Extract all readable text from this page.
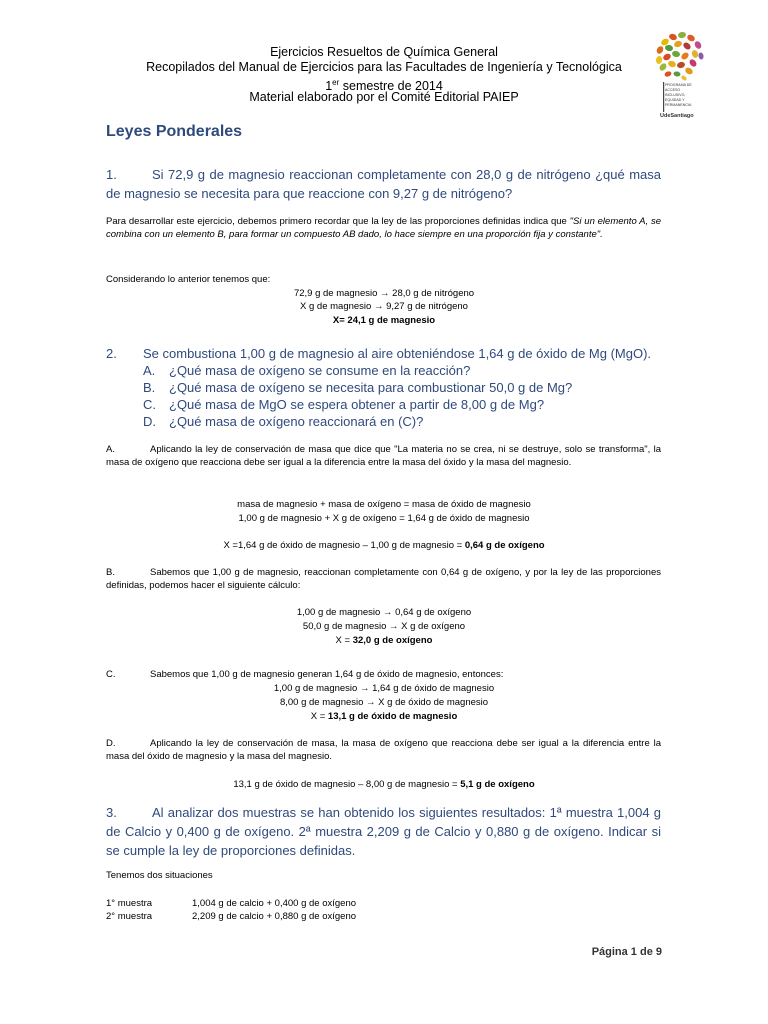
Ejercicios Resueltos de Química General
Recopilados del Manual de Ejercicios para las Facultades de Ingeniería y Tecnológica
1er semestre de 2014
Material elaborado por el Comité Editorial PAIEP
PROGRAMA DE
ACCESO
INCLUSIVO,
EQUIDAD Y
PERMANENCIA
UdeSantiago
Leyes Ponderales
1.	Si 72,9 g de magnesio reaccionan completamente con 28,0 g de nitrógeno ¿qué masa de magnesio se necesita para que reaccione con 9,27 g de nitrógeno?
Para desarrollar este ejercicio, debemos primero recordar que la ley de las proporciones definidas indica que "Si un elemento A, se combina con un elemento B, para formar un compuesto AB dado, lo hace siempre en una proporción fija y constante".
Considerando lo anterior tenemos que:
72,9 g de magnesio → 28,0 g de nitrógeno
X g de magnesio → 9,27 g de nitrógeno
X= 24,1 g de magnesio
2. Se combustiona 1,00 g de magnesio al aire obteniéndose 1,64 g de óxido de Mg (MgO).
A. ¿Qué masa de oxígeno se consume en la reacción?
B. ¿Qué masa de oxígeno se necesita para combustionar 50,0 g de Mg?
C. ¿Qué masa de MgO se espera obtener a partir de 8,00 g de Mg?
D. ¿Qué masa de oxígeno reaccionará en (C)?
A.	Aplicando la ley de conservación de masa que dice que "La materia no se crea, ni se destruye, solo se transforma", la masa de oxígeno que reacciona debe ser igual a la diferencia entre la masa del óxido y la masa del magnesio.
masa de magnesio + masa de oxígeno = masa de óxido de magnesio
1,00 g de magnesio + X g de oxígeno = 1,64 g de óxido de magnesio
X =1,64 g de óxido de magnesio – 1,00 g de magnesio = 0,64 g de oxígeno
B.	Sabemos que 1,00 g de magnesio, reaccionan completamente con 0,64 g de oxígeno, y por la ley de las proporciones definidas, podemos hacer el siguiente cálculo:
1,00 g de magnesio → 0,64 g de oxígeno
50,0 g de magnesio → X g de oxígeno
X = 32,0 g de oxígeno
C.	Sabemos que 1,00 g de magnesio generan 1,64 g de óxido de magnesio, entonces:
1,00 g de magnesio → 1,64 g de óxido de magnesio
8,00 g de magnesio → X g de óxido de magnesio
X = 13,1 g de óxido de magnesio
D.	Aplicando la ley de conservación de masa, la masa de oxígeno que reacciona debe ser igual a la diferencia entre la masa del óxido de magnesio y la masa del magnesio.
13,1 g de óxido de magnesio – 8,00 g de magnesio = 5,1 g de oxígeno
3.	Al analizar dos muestras se han obtenido los siguientes resultados: 1ª muestra 1,004 g de Calcio y 0,400 g de oxígeno. 2ª muestra 2,209 g de Calcio y 0,880 g de oxígeno. Indicar si se cumple la ley de proporciones definidas.
Tenemos dos situaciones
1° muestra	1,004 g de calcio + 0,400 g de oxígeno
2° muestra	2,209 g de calcio + 0,880 g de oxígeno
Página 1 de 9
